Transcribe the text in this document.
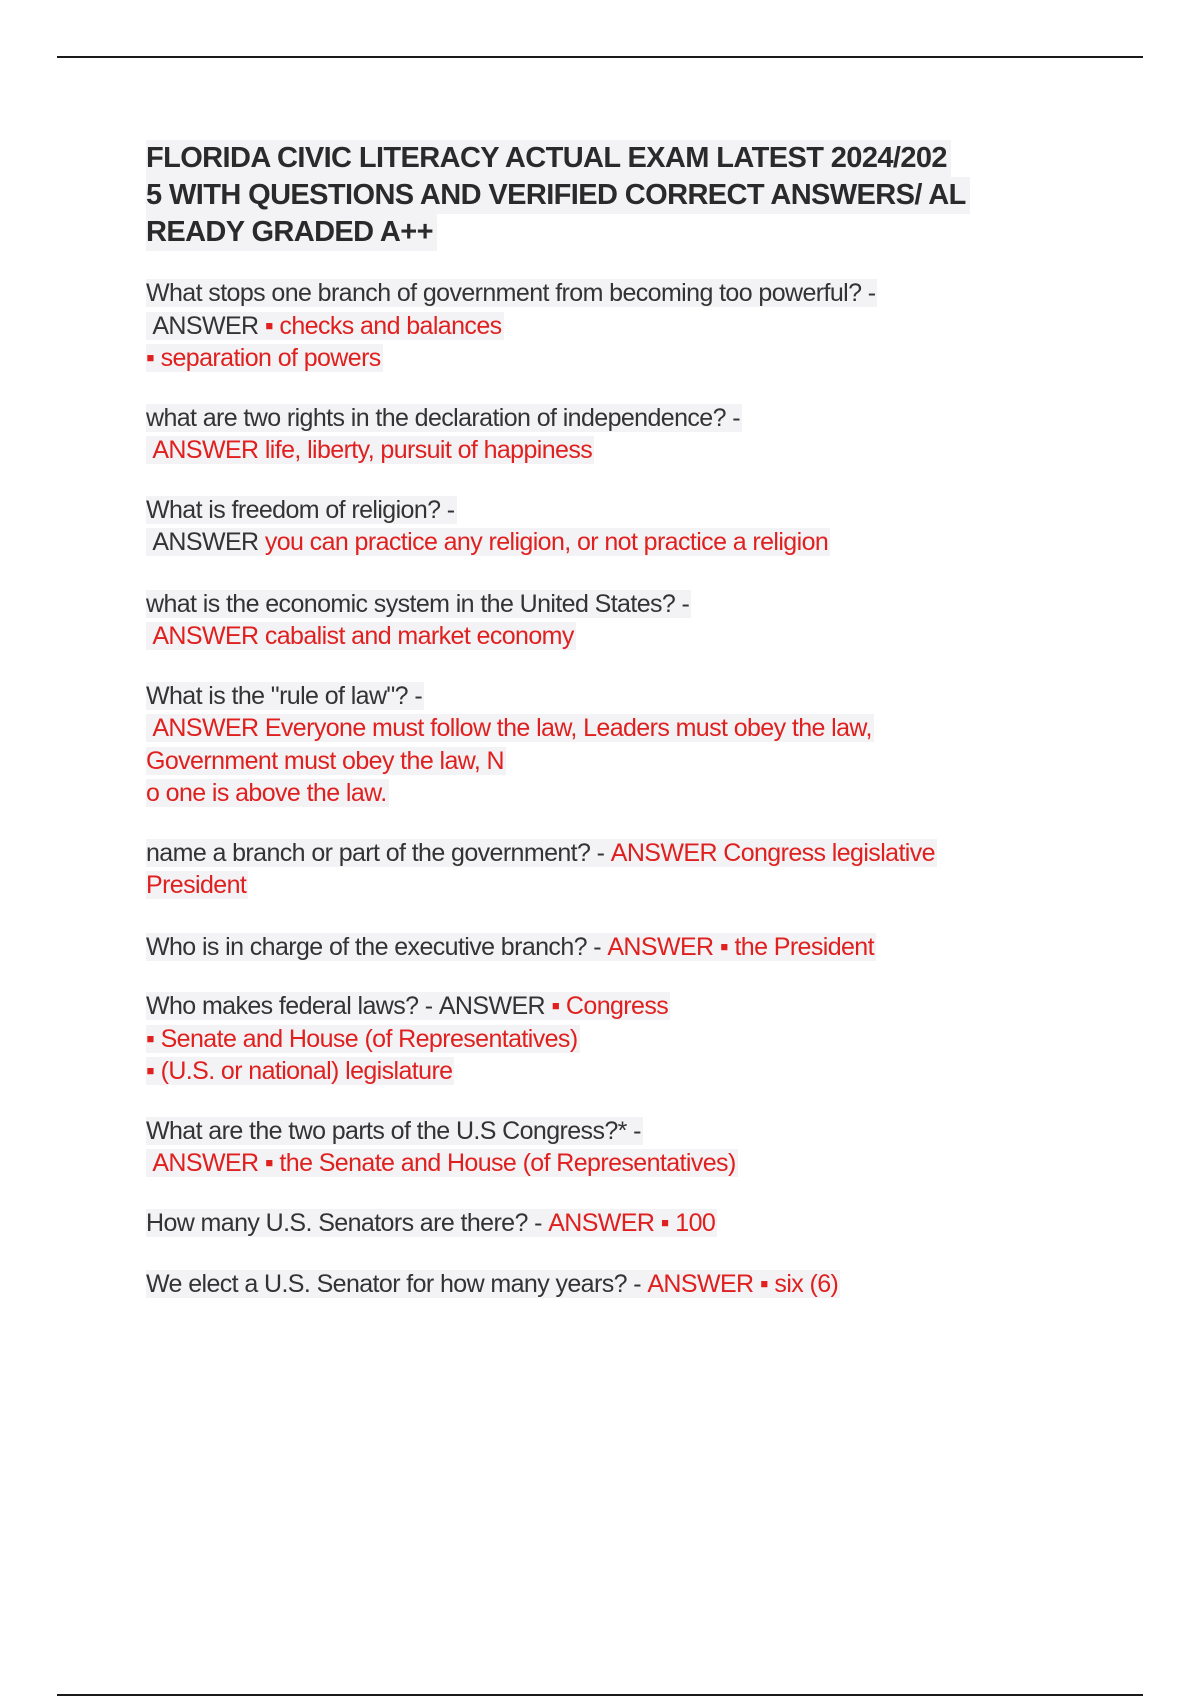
FLORIDA CIVIC LITERACY ACTUAL EXAM LATEST 2024/202
5 WITH QUESTIONS AND VERIFIED CORRECT ANSWERS/ AL
READY GRADED A++
What stops one branch of government from becoming too powerful? -
ANSWER ▪ checks and balances
▪ separation of powers
what are two rights in the declaration of independence? -
ANSWER life, liberty, pursuit of happiness
What is freedom of religion? -
ANSWER you can practice any religion, or not practice a religion
what is the economic system in the United States? -
ANSWER cabalist and market economy
What is the "rule of law"? -
ANSWER Everyone must follow the law, Leaders must obey the law,
Government must obey the law, N
o one is above the law.
name a branch or part of the government? - ANSWER Congress legislative
President
Who is in charge of the executive branch? - ANSWER ▪ the President
Who makes federal laws? - ANSWER ▪ Congress
▪ Senate and House (of Representatives)
▪ (U.S. or national) legislature
What are the two parts of the U.S Congress?* -
ANSWER ▪ the Senate and House (of Representatives)
How many U.S. Senators are there? - ANSWER ▪ 100
We elect a U.S. Senator for how many years? - ANSWER ▪ six (6)
